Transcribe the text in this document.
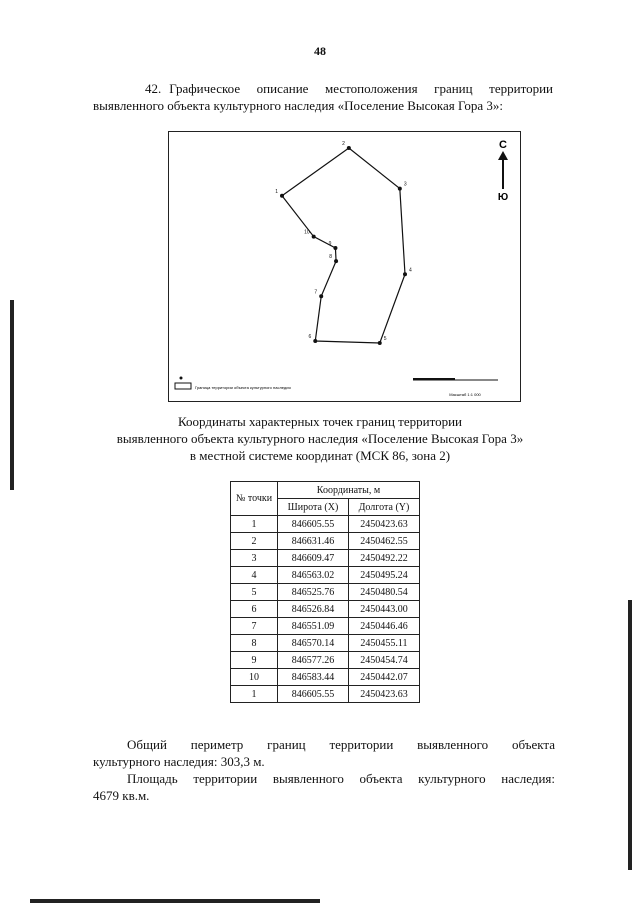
48
42. Графическое описание местоположения границ территории
выявленного объекта культурного наследия «Поселение Высокая Гора 3»:
1
2
3
4
5
6
7
8
9
10
С
Ю
Граница территории объекта культурного наследия
Масштаб 1:1 000
Координаты характерных точек границ территории
выявленного объекта культурного наследия «Поселение Высокая Гора 3»
в местной системе координат (МСК 86, зона 2)
№ точки	Координаты, м	
	Широта (X)	Долгота (Y)
1	846605.55	2450423.63
2	846631.46	2450462.55
3	846609.47	2450492.22
4	846563.02	2450495.24
5	846525.76	2450480.54
6	846526.84	2450443.00
7	846551.09	2450446.46
8	846570.14	2450455.11
9	846577.26	2450454.74
10	846583.44	2450442.07
1	846605.55	2450423.63
Общий периметр границ территории выявленного объекта
культурного наследия: 303,3 м.
Площадь территории выявленного объекта культурного наследия:
4679 кв.м.
